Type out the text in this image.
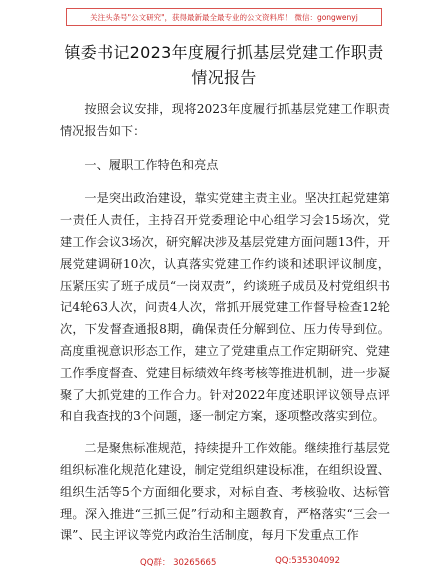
关注头条号"公文研究"，获得最新最全最专业的公文资料库！ 微信：gongwenyj
镇委书记2023年度履行抓基层党建工作职责情况报告

按照会议安排，现将2023年度履行抓基层党建工作职责情况报告如下：

一、履职工作特色和亮点

一是突出政治建设，靠实党建主责主业。坚决扛起党建第一责任人责任，主持召开党委理论中心组学习会15场次，党建工作会议3场次，研究解决涉及基层党建方面问题13件，开展党建调研10次，认真落实党建工作约谈和述职评议制度，压紧压实了班子成员“一岗双责”，约谈班子成员及村党组织书记4轮63人次，问责4人次，常抓开展党建工作督导检查12轮次，下发督查通报8期，确保责任分解到位、压力传导到位。高度重视意识形态工作，建立了党建重点工作定期研究、党建工作季度督查、党建目标绩效年终考核等推进机制，进一步凝聚了大抓党建的工作合力。针对2022年度述职评议领导点评和自我查找的3个问题，逐一制定方案，逐项整改落实到位。

二是聚焦标准规范，持续提升工作效能。继续推行基层党组织标准化规范化建设，制定党组织建设标准，在组织设置、组织生活等5个方面细化要求，对标自查、考核验收、达标管理。深入推进“三抓三促”行动和主题教育，严格落实“三会一课”、民主评议等党内政治生活制度，每月下发重点工作

QQ群： 30265665	QQ:535304092
